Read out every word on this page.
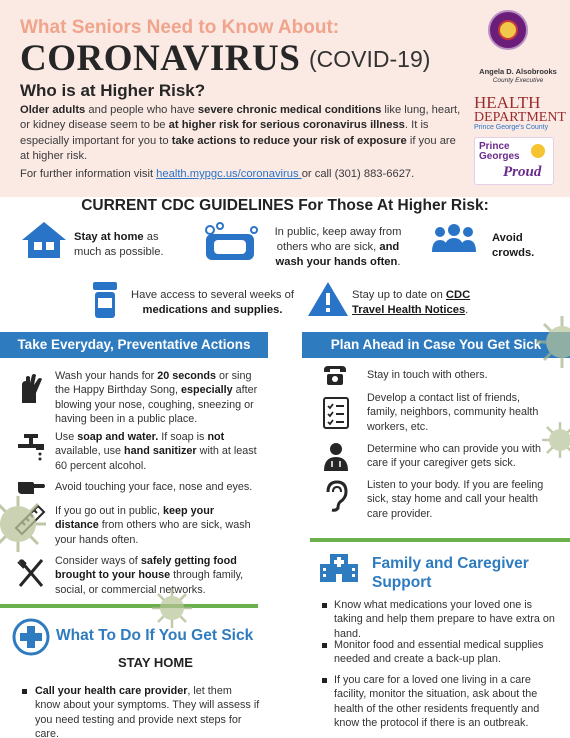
What Seniors Need to Know About:
CORONAVIRUS (COVID-19)
Who is at Higher Risk?
Older adults and people who have severe chronic medical conditions like lung, heart, or kidney disease seem to be at higher risk for serious coronavirus illness. It is especially important for you to take actions to reduce your risk of exposure if you are at higher risk.
For further information visit health.mypgc.us/coronavirus or call (301) 883-6627.
Angela D. Alsobrooks
County Executive
HEALTH
DEPARTMENT
Prince George's County
Prince
Georges
Proud
CURRENT CDC GUIDELINES For Those At Higher Risk:
Stay at home as much as possible.
In public, keep away from others who are sick, and wash your hands often.
Avoid crowds.
Have access to several weeks of medications and supplies.
Stay up to date on CDC Travel Health Notices.
Take Everyday, Preventative Actions
Wash your hands for 20 seconds or sing the Happy Birthday Song, especially after blowing your nose, coughing, sneezing or having been in a public place.
Use soap and water. If soap is not available, use hand sanitizer with at least 60 percent alcohol.
Avoid touching your face, nose and eyes.
If you go out in public, keep your distance from others who are sick, wash your hands often.
Consider ways of safely getting food brought to your house through family, social, or commercial networks.
What To Do If You Get Sick
STAY HOME
Call your health care provider, let them know about your symptoms. They will assess if you need testing and provide next steps for care.
Plan Ahead in Case You Get Sick
Stay in touch with others.
Develop a contact list of friends, family, neighbors, community health workers, etc.
Determine who can provide you with care if your caregiver gets sick.
Listen to your body. If you are feeling sick, stay home and call your health care provider.
Family and Caregiver
Support
Know what medications your loved one is taking and help them prepare to have extra on hand.
Monitor food and essential medical supplies needed and create a back-up plan.
If you care for a loved one living in a care facility, monitor the situation, ask about the health of the other residents frequently and know the protocol if there is an outbreak.
